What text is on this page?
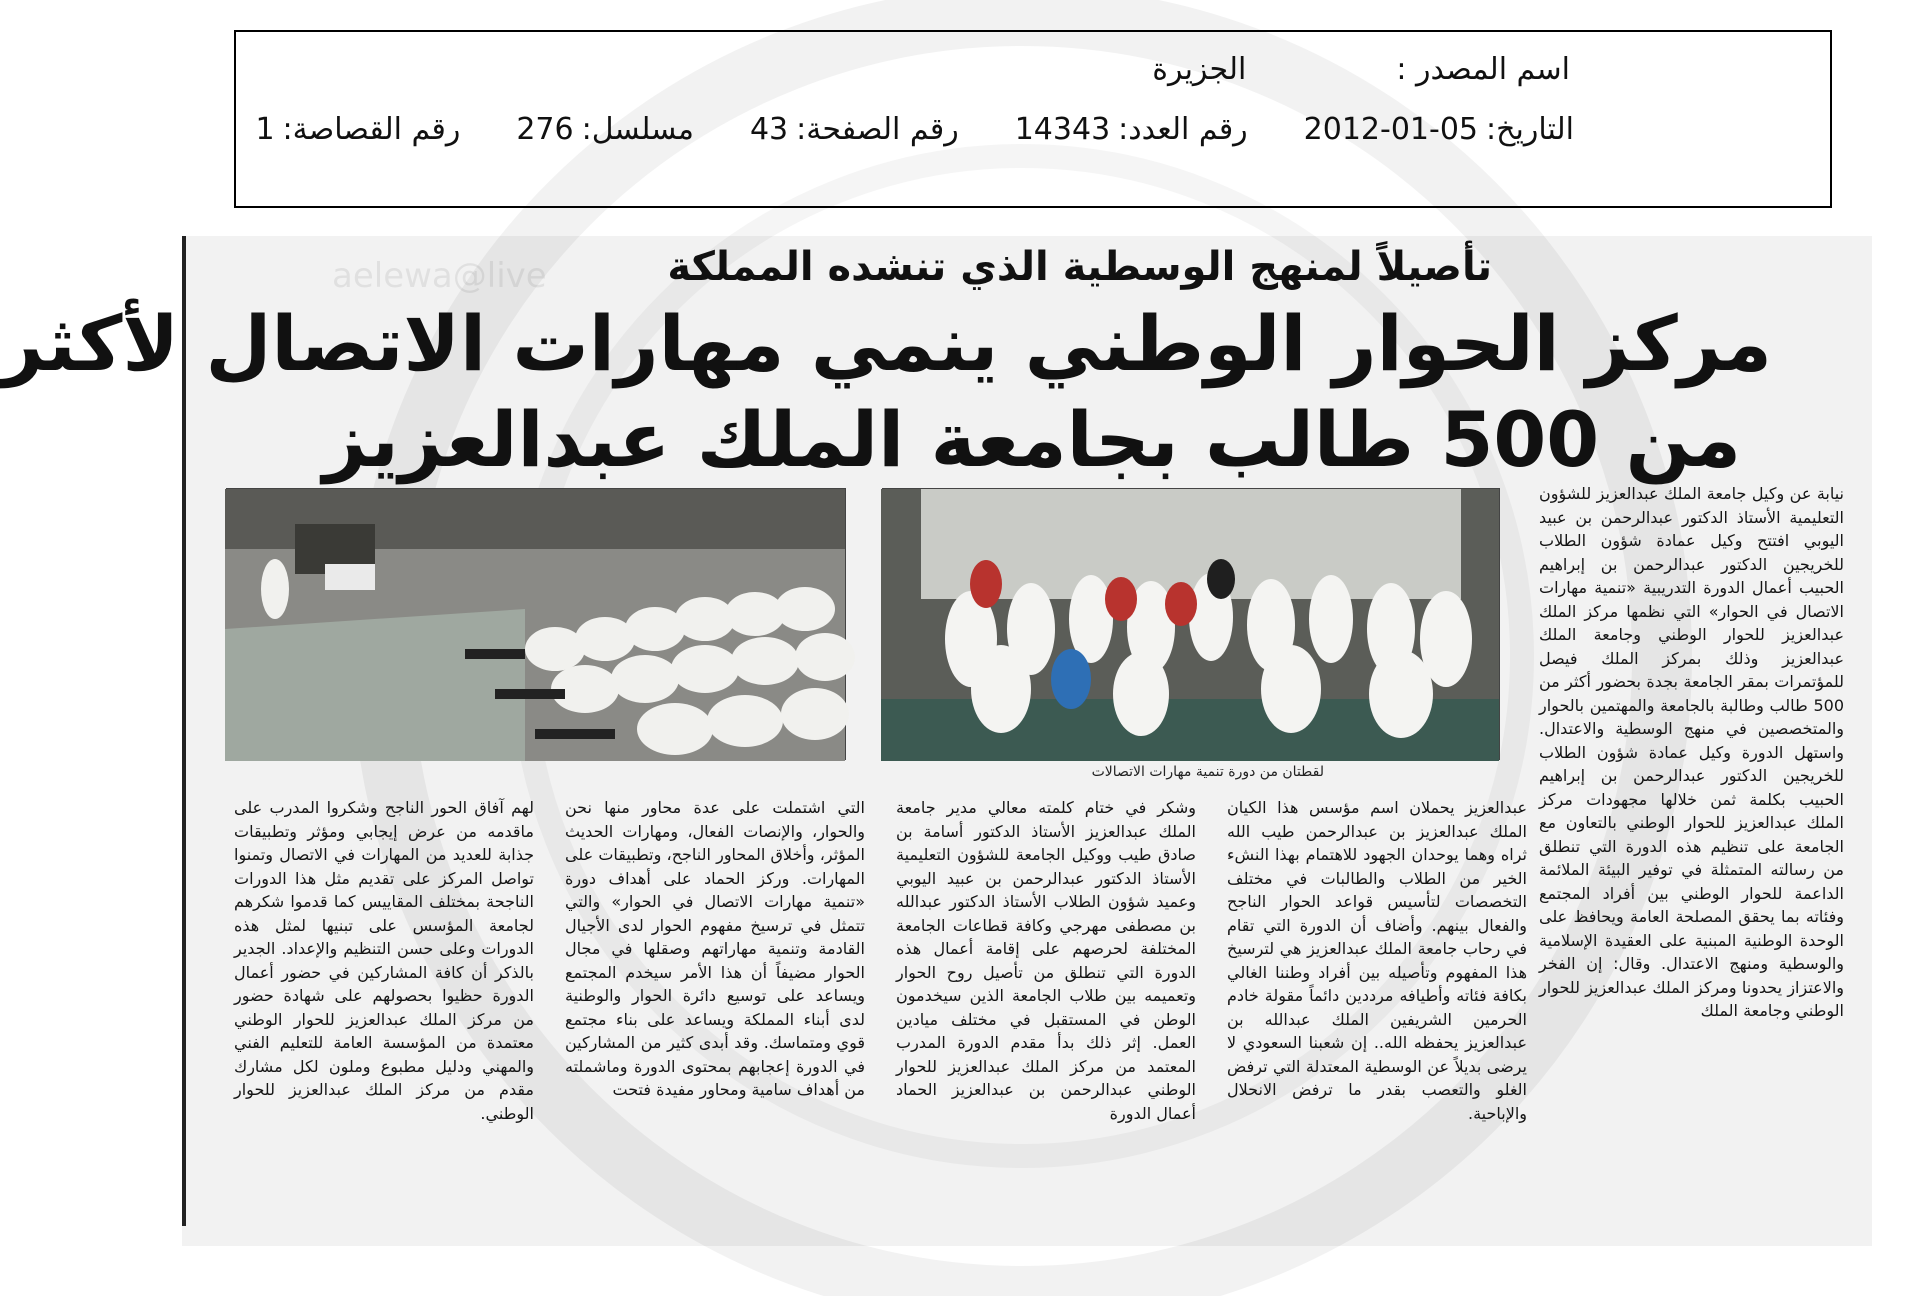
اسم المصدر :
الجزيرة
التاريخ:
2012-01-05
رقم العدد:
14343
رقم الصفحة:
43
مسلسل:
276
رقم القصاصة:
1
aelewa@live	تأصيلاً لمنهج الوسطية الذي تنشده المملكة
مركز الحوار الوطني ينمي مهارات الاتصال لأكثر
من 500 طالب بجامعة الملك عبدالعزيز
لقطتان من دورة تنمية مهارات الاتصالات
نيابة عن وكيل جامعة الملك عبدالعزيز للشؤون التعليمية الأستاذ الدكتور عبدالرحمن بن عبيد اليوبي افتتح وكيل عمادة شؤون الطلاب للخريجين الدكتور عبدالرحمن بن إبراهيم الحبيب أعمال الدورة التدريبية «تنمية مهارات الاتصال في الحوار» التي نظمها مركز الملك عبدالعزيز للحوار الوطني وجامعة الملك عبدالعزيز وذلك بمركز الملك فيصل للمؤتمرات بمقر الجامعة بجدة بحضور أكثر من 500 طالب وطالبة بالجامعة والمهتمين بالحوار والمتخصصين في منهج الوسطية والاعتدال. واستهل الدورة وكيل عمادة شؤون الطلاب للخريجين الدكتور عبدالرحمن بن إبراهيم الحبيب بكلمة ثمن خلالها مجهودات مركز الملك عبدالعزيز للحوار الوطني بالتعاون مع الجامعة على تنظيم هذه الدورة التي تنطلق من رسالته المتمثلة في توفير البيئة الملائمة الداعمة للحوار الوطني بين أفراد المجتمع وفئاته بما يحقق المصلحة العامة ويحافظ على الوحدة الوطنية المبنية على العقيدة الإسلامية والوسطية ومنهج الاعتدال. وقال: إن الفخر والاعتزاز يحدونا ومركز الملك عبدالعزيز للحوار الوطني وجامعة الملك
عبدالعزيز يحملان اسم مؤسس هذا الكيان الملك عبدالعزيز بن عبدالرحمن طيب الله ثراه وهما يوحدان الجهود للاهتمام بهذا النشء الخير من الطلاب والطالبات في مختلف التخصصات لتأسيس قواعد الحوار الناجح والفعال بينهم. وأضاف أن الدورة التي تقام في رحاب جامعة الملك عبدالعزيز هي لترسيخ هذا المفهوم وتأصيله بين أفراد وطننا الغالي بكافة فئاته وأطيافه مرددين دائماً مقولة خادم الحرمين الشريفين الملك عبدالله بن عبدالعزيز يحفظه الله.. إن شعبنا السعودي لا يرضى بديلاً عن الوسطية المعتدلة التي ترفض الغلو والتعصب بقدر ما ترفض الانحلال والإباحية.
وشكر في ختام كلمته معالي مدير جامعة الملك عبدالعزيز الأستاذ الدكتور أسامة بن صادق طيب ووكيل الجامعة للشؤون التعليمية الأستاذ الدكتور عبدالرحمن بن عبيد اليوبي وعميد شؤون الطلاب الأستاذ الدكتور عبدالله بن مصطفى مهرجي وكافة قطاعات الجامعة المختلفة لحرصهم على إقامة أعمال هذه الدورة التي تنطلق من تأصيل روح الحوار وتعميمه بين طلاب الجامعة الذين سيخدمون الوطن في المستقبل في مختلف ميادين العمل. إثر ذلك بدأ مقدم الدورة المدرب المعتمد من مركز الملك عبدالعزيز للحوار الوطني عبدالرحمن بن عبدالعزيز الحماد أعمال الدورة
التي اشتملت على عدة محاور منها نحن والحوار، والإنصات الفعال، ومهارات الحديث المؤثر، وأخلاق المحاور الناجح، وتطبيقات على المهارات. وركز الحماد على أهداف دورة «تنمية مهارات الاتصال في الحوار» والتي تتمثل في ترسيخ مفهوم الحوار لدى الأجيال القادمة وتنمية مهاراتهم وصقلها في مجال الحوار مضيفاً أن هذا الأمر سيخدم المجتمع ويساعد على توسيع دائرة الحوار والوطنية لدى أبناء المملكة ويساعد على بناء مجتمع قوي ومتماسك. وقد أبدى كثير من المشاركين في الدورة إعجابهم بمحتوى الدورة وماشملته من أهداف سامية ومحاور مفيدة فتحت
لهم آفاق الحور الناجح وشكروا المدرب على ماقدمه من عرض إيجابي ومؤثر وتطبيقات جذابة للعديد من المهارات في الاتصال وتمنوا تواصل المركز على تقديم مثل هذا الدورات الناجحة بمختلف المقاييس كما قدموا شكرهم لجامعة المؤسس على تبنيها لمثل هذه الدورات وعلى حسن التنظيم والإعداد. الجدير بالذكر أن كافة المشاركين في حضور أعمال الدورة حظيوا بحصولهم على شهادة حضور من مركز الملك عبدالعزيز للحوار الوطني معتمدة من المؤسسة العامة للتعليم الفني والمهني ودليل مطبوع وملون لكل مشارك مقدم من مركز الملك عبدالعزيز للحوار الوطني.
